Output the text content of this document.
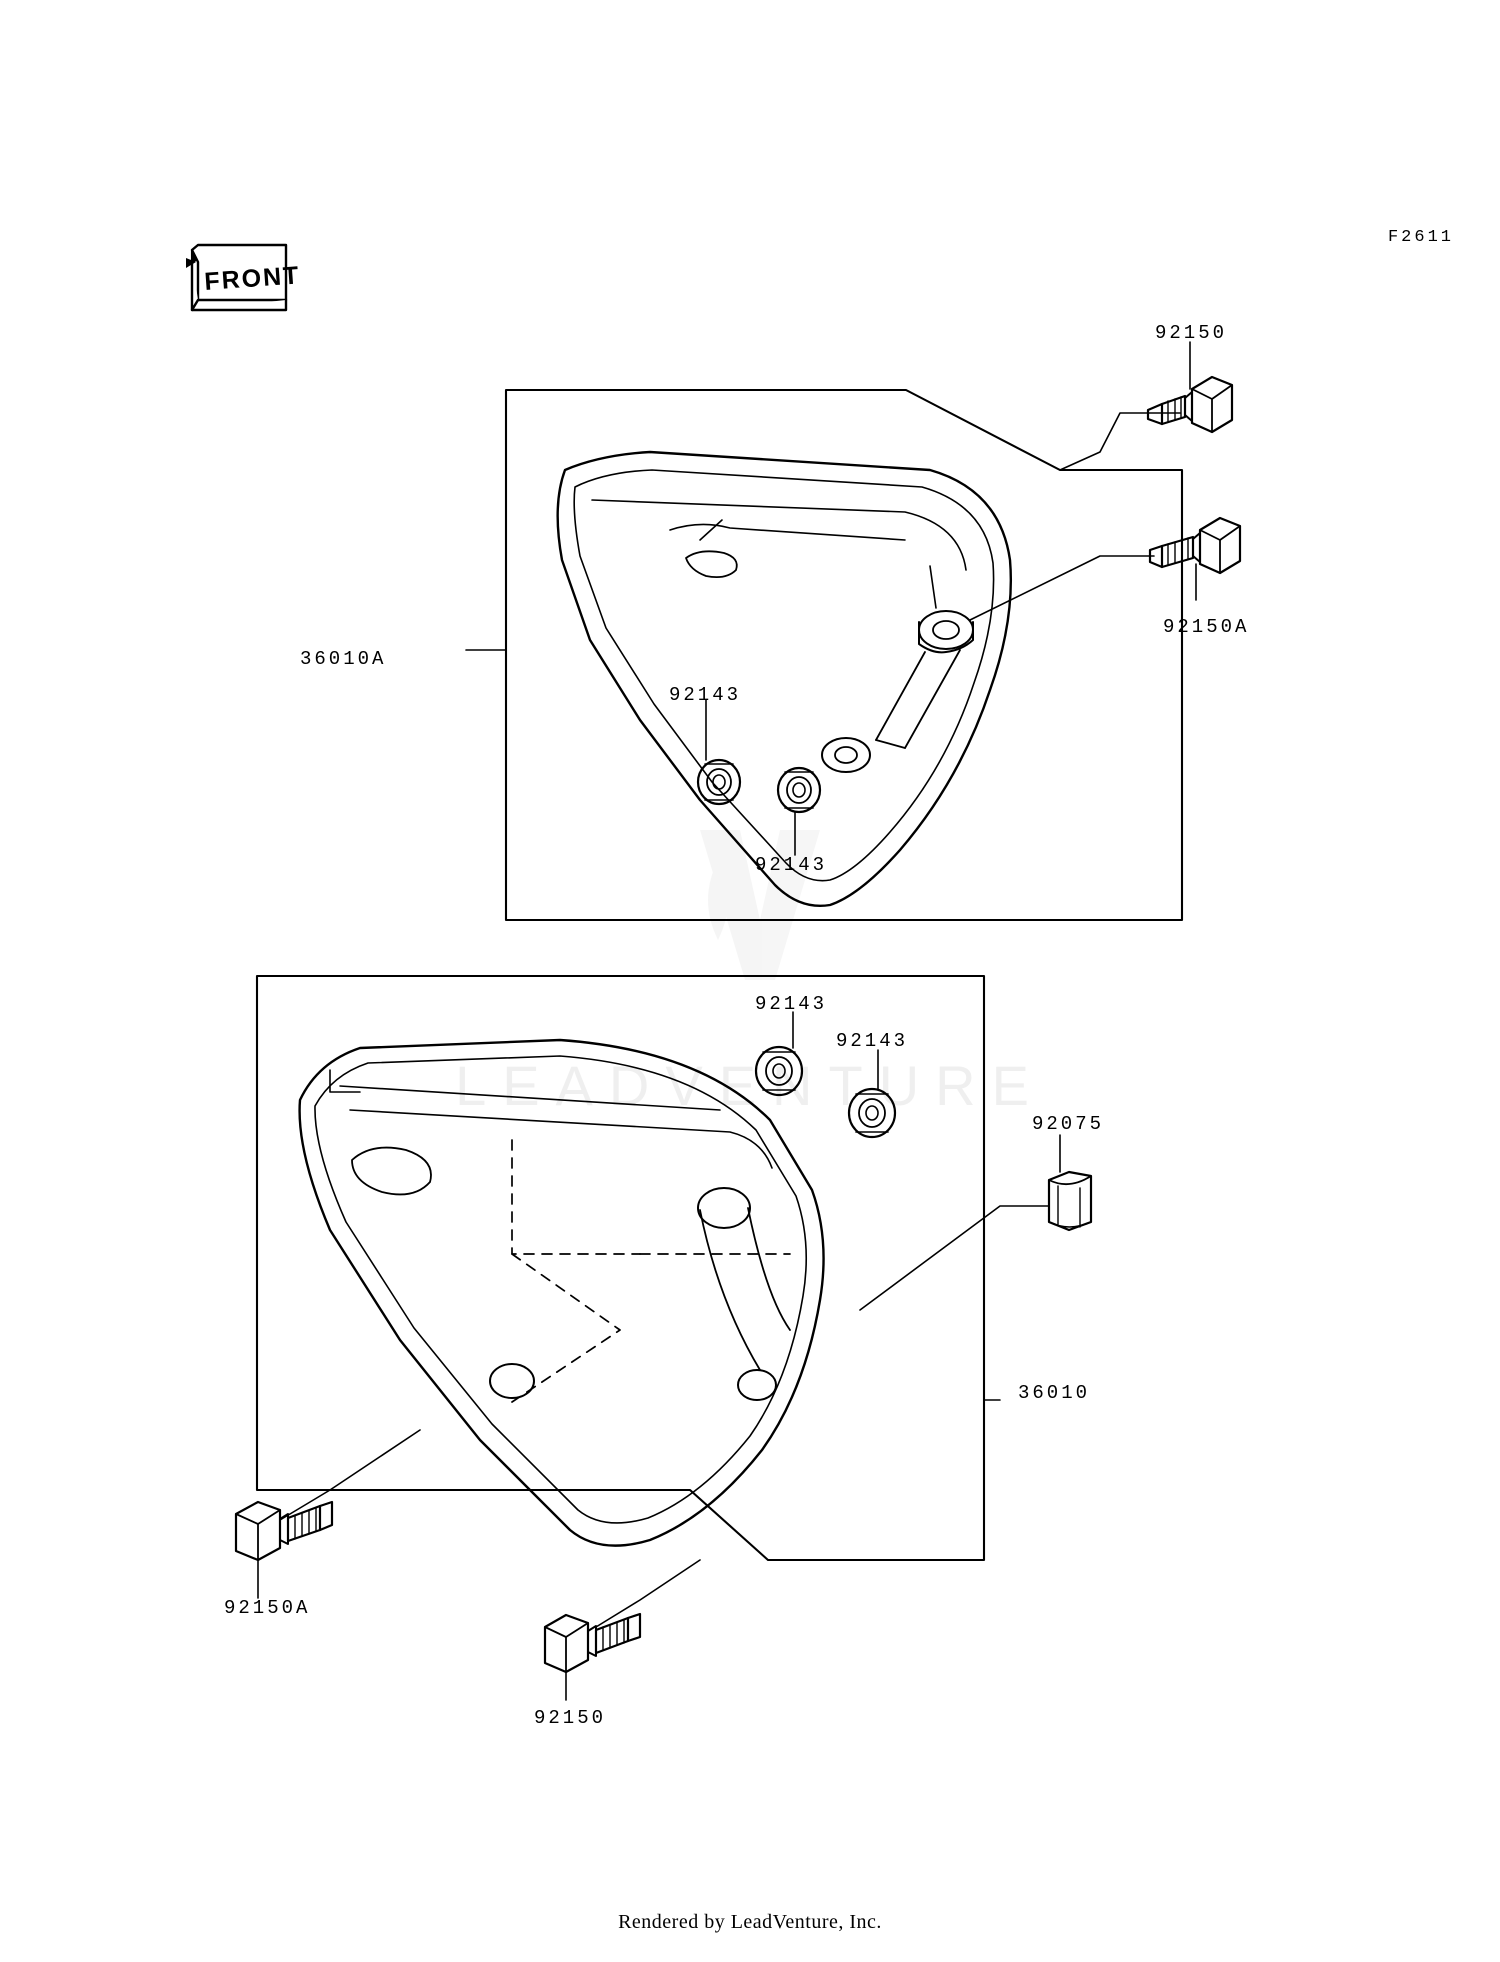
LEADVENTURE
FRONT
F2611
36010A
92150
92150A
92143
92143
92143
92143
92075
36010
92150A
92150
Rendered by LeadVenture, Inc.
